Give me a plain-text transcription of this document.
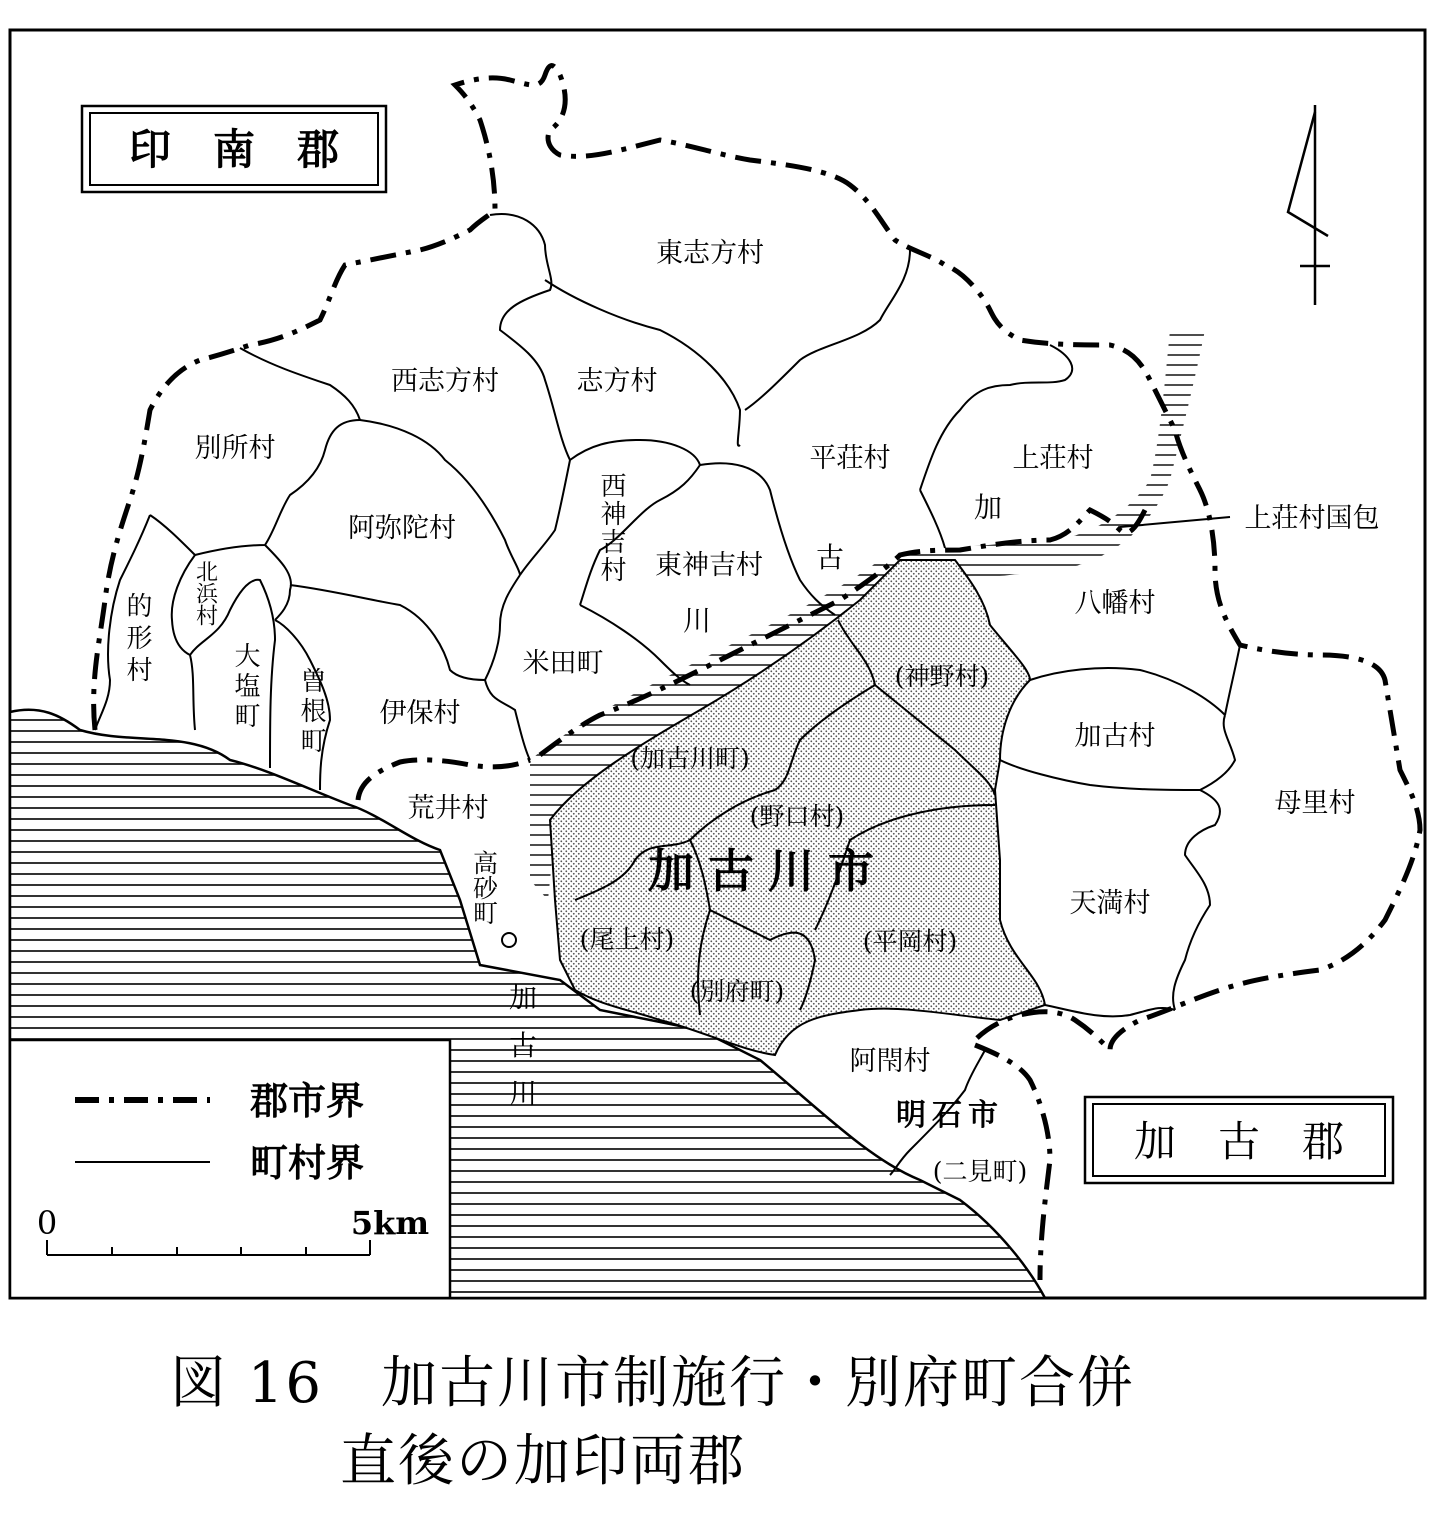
東志方村
西志方村	志方村
別所村
阿弥陀村
東神吉村
平荘村	上荘村
上荘村国包
八幡村
(神野村)
加古村
米田町
伊保村
(加古川町)
(野口村)
荒井村
(尾上村)
(別府町)
(平岡村)
天満村
母里村
阿閇村
(二見町)
明石市
西神吉村
的形村 北浜村
大塩町 曽根町
高砂町
加
古
川
加
古
川
加古川市
印　南　郡
加　古　郡
郡市界
町村界
0	5km
図 16　加古川市制施行・別府町合併
直後の加印両郡
